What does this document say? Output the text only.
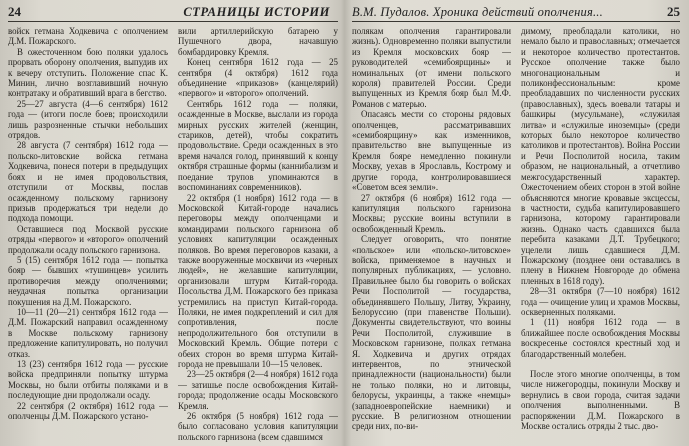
24	СТРАНИЦЫ ИСТОРИИ

войск гетмана Ходкевича с ополчением Д.М. Пожарского.

В ожесточенном бою поляки удалось прорвать оборону ополчения, выпудив их к вечеру отступить. Положение спас К. Минин, лично возглавивший ночную контратаку и обративший врага в бегство.

25—27 августа (4—6 сентября) 1612 года — (итоги после боев; происходили лишь разрозненные стычки небольших отрядов.

28 августа (7 сентября) 1612 года — польско-литовские войска гетмана Ходкевича, понеся потери в предыдущих боях и не имея продовольствия, отступили от Москвы, послав осажденному польскому гарнизону призыв продержаться три недели до подхода помощи.

Оставшиеся под Москвой русские отряды «первого» и «второго» ополчений продолжали осаду польского гарнизона.

5 (15) сентября 1612 года — попытка бояр — бывших «тушинцев» усилить противоречия между ополчениями; неудачная попытка организации покушения на Д.М. Пожарского.

10—11 (20—21) сентября 1612 года — Д.М. Пожарский направил осажденному в Москве польскому гарнизону предложение капитулировать, но получил отказ.

13 (23) сентября 1612 года — русские войска предприняли попытку штурма Москвы, но были отбиты поляками и в последующие дни продолжали осаду.

22 сентября (2 октября) 1612 года — ополченцы Д.М. Пожарского устано-

вили артиллерийскую батарею у Пушечного двора, начавшую бомбардировку Кремля.

Конец сентября 1612 года — 25 сентября (4 октября) 1612 года объединение «приказов» (канцелярий) «первого» и «второго» ополчений.

Сентябрь 1612 года — поляки, осажденные в Москве, выслали из города мирных русских жителей (женщин, стариков, детей), чтобы сократить продовольствие. Среди осажденных в это время начался голод, принявший к концу октября страшные формы (каннибализм и поедание трупов упоминаются в воспоминаниях современников).

22 октября (1 ноября) 1612 года — в Московской Китай-городе начались переговоры между ополченцами и командирами польского гарнизона об условиях капитуляции осажденных поляков. Во время переговоров казаки, а также вооруженные москвичи из «черных людей», не желавшие капитуляции, организовали штурм Китай-города. Посольства Д.М. Пожарского без приказа устремились на приступ Китай-города. Поляки, не имея подкреплений и сил для сопротивления, после непродолжительного боя отступили в Московский Кремль. Общие потери с обеих сторон во время штурма Китай-города не превышали 10—15 человек.

23—25 октября (2—4 ноября) 1612 года — затишье после освобождения Китай-города; продолжение осады Московского Кремля.

26 октября (5 ноября) 1612 года — было согласовано условия капитуляции польского гарнизона (всем сдавшимся

В.М. Пудалов. Хроника действий ополчения...	25

полякам ополчения гарантировали жизнь). Одновременно поляки выпустили из Кремля московских бояр — руководителей «семибоярщины» и номинальных (от имени польского короля) правителей России. Среди выпущенных из Кремля бояр был М.Ф. Романов с матерью.

Опасаясь мести со стороны рядовых ополченцев, рассматривавших «семибоярщину» как изменников, правительство вне выпущенные из Кремля бояре немедленно покинули Москву, уехав в Ярославль, Кострому и другие города, контролировавшиеся «Советом всея земли».

27 октября (6 ноября) 1612 года — капитуляция польского гарнизона Москвы; русские воины вступили в освобожденный Кремль.

Следует оговорить, что понятие «польское» или «польско-литовское» войска, применяемое в научных и популярных публикациях, — условно. Правильнее было бы говорить о войсках Речи Посполитой — государства, объединявшего Польшу, Литву, Украину, Белоруссию (при главенстве Польши). Документы свидетельствуют, что воины Речи Посполитой, служившие в Московском гарнизоне, полках гетмана Я. Ходкевича и других отрядах интервентов, по этнической принадлежности (национальности) были не только поляки, но и литовцы, белорусы, украинцы, а также «немцы» (западноевропейские наемники) и русские. В религиозном отношении среди них, по-ви-

димому, преобладали католики, но немало было и православных; отмечается и некоторое количество протестантов. Русское ополчение также было многонациональным и поликонфессиональным: кроме преобладавших по численности русских (православных), здесь воевали татары и башкиры (мусульмане), «служилая литва» и «служилые иноземцы» (среди которых было некоторое количество католиков и протестантов). Война России и Речи Посполитой носила, таким образом, не национальный, а отчетливо межгосударственный характер. Ожесточением обеих сторон в этой войне объясняются многие кровавые эксцессы, в частности, судьба капитулировавшего гарнизона, которому гарантировали жизнь. Однако часть сдавшихся была перебита казаками Д.Т. Трубецкого; уцелели лишь сдавшиеся Д.М. Пожарскому (позднее они оставались в плену в Нижнем Новгороде до обмена пленных в 1618 году).

28—31 октября (7—10 ноября) 1612 года — очищение улиц и храмов Москвы, оскверненных поляками.

1 (11) ноября 1612 года — в ближайшее после освобождения Москвы воскресенье состоялся крестный ход и благодарственный молебен.

После этого многие ополченцы, в том числе нижегородцы, покинули Москву и вернулись в свои города, считая задачи ополчения выполненными. В распоряжении Д.М. Пожарского в Москве остались отряды 2 тыс. дво-
